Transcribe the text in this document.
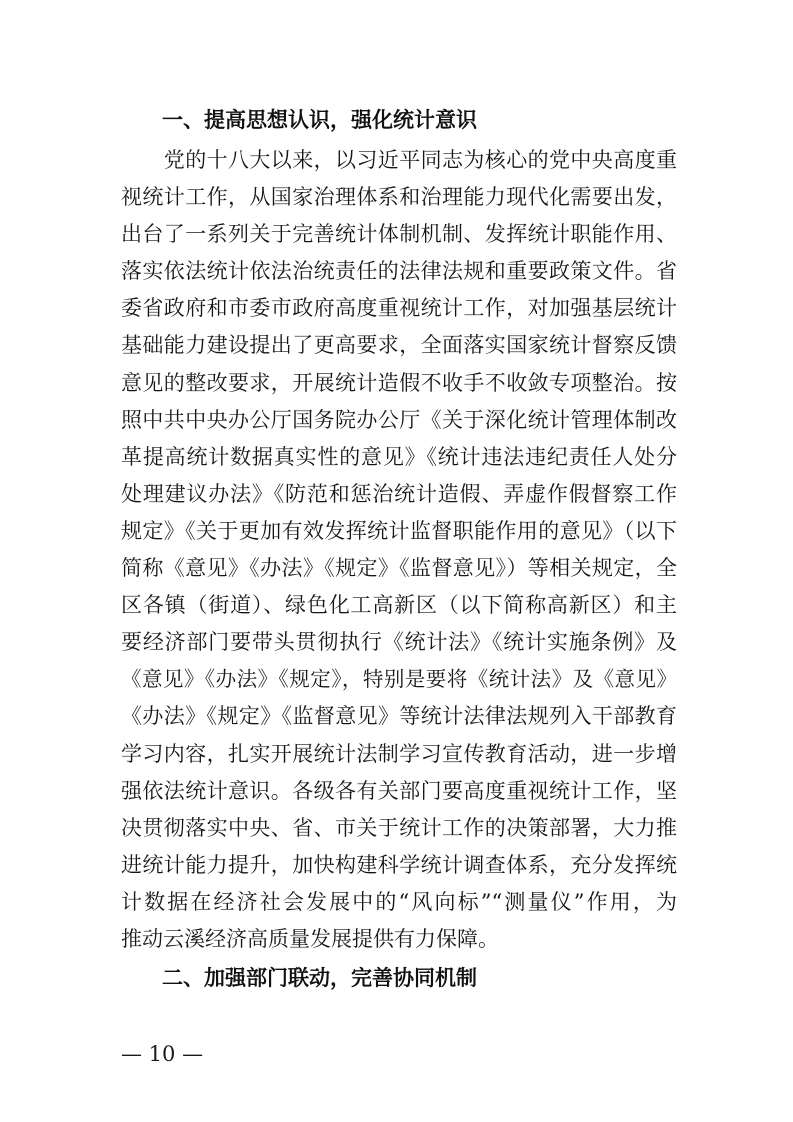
一、提高思想认识，强化统计意识
　　党的十八大以来，以习近平同志为核心的党中央高度重
视统计工作，从国家治理体系和治理能力现代化需要出发，
出台了一系列关于完善统计体制机制、发挥统计职能作用、
落实依法统计依法治统责任的法律法规和重要政策文件。省
委省政府和市委市政府高度重视统计工作，对加强基层统计
基础能力建设提出了更高要求，全面落实国家统计督察反馈
意见的整改要求，开展统计造假不收手不收敛专项整治。按
照中共中央办公厅国务院办公厅《关于深化统计管理体制改
革提高统计数据真实性的意见》《统计违法违纪责任人处分
处理建议办法》《防范和惩治统计造假、弄虚作假督察工作
规定》《关于更加有效发挥统计监督职能作用的意见》（以下
简称《意见》《办法》《规定》《监督意见》）等相关规定，全
区各镇（街道）、绿色化工高新区（以下简称高新区）和主
要经济部门要带头贯彻执行《统计法》《统计实施条例》及
《意见》《办法》《规定》，特别是要将《统计法》及《意见》
《办法》《规定》《监督意见》等统计法律法规列入干部教育
学习内容，扎实开展统计法制学习宣传教育活动，进一步增
强依法统计意识。各级各有关部门要高度重视统计工作，坚
决贯彻落实中央、省、市关于统计工作的决策部署，大力推
进统计能力提升，加快构建科学统计调查体系，充分发挥统
计数据在经济社会发展中的“风向标”“测量仪”作用，为
推动云溪经济高质量发展提供有力保障。
二、加强部门联动，完善协同机制
— 10 —
